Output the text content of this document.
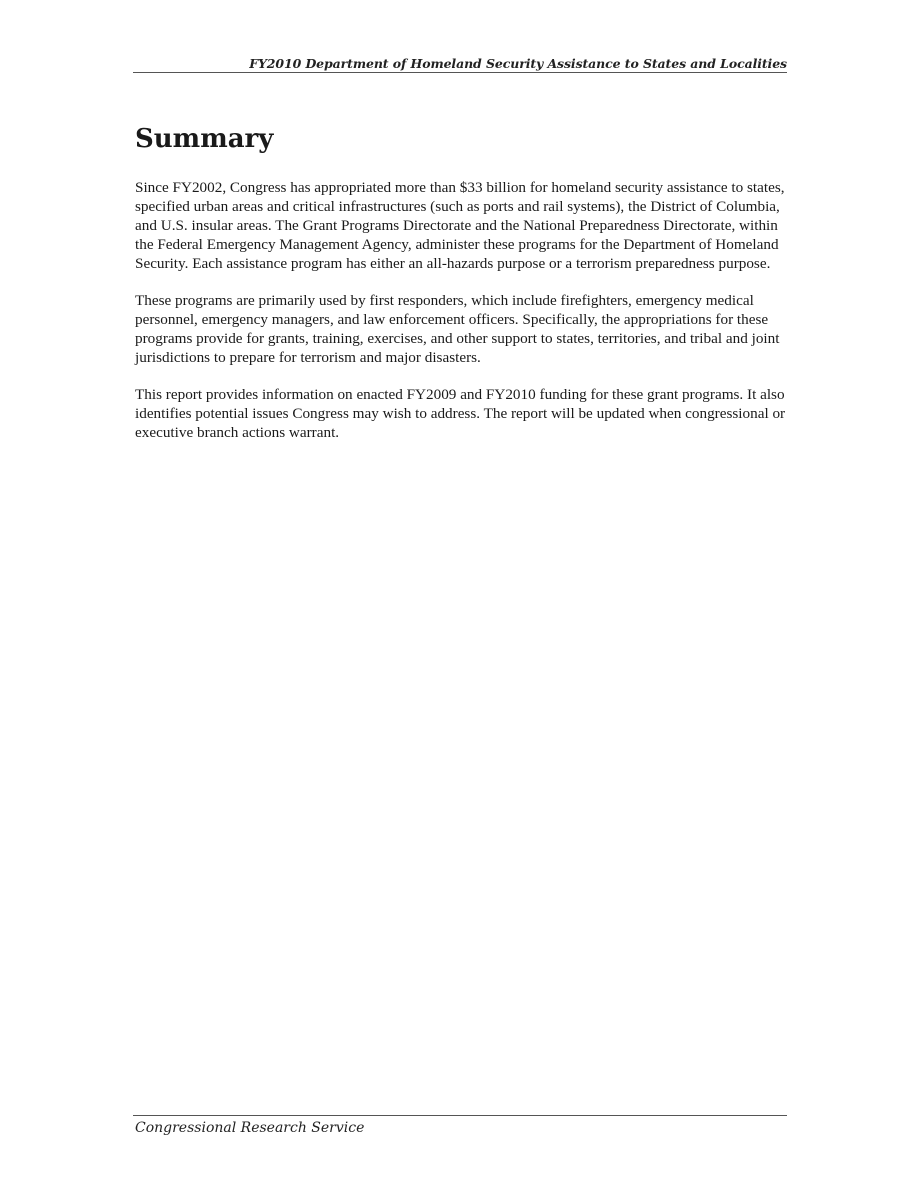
FY2010 Department of Homeland Security Assistance to States and Localities
Summary

Since FY2002, Congress has appropriated more than $33 billion for homeland security assistance to states, specified urban areas and critical infrastructures (such as ports and rail systems), the District of Columbia, and U.S. insular areas. The Grant Programs Directorate and the National Preparedness Directorate, within the Federal Emergency Management Agency, administer these programs for the Department of Homeland Security. Each assistance program has either an all-hazards purpose or a terrorism preparedness purpose.

These programs are primarily used by first responders, which include firefighters, emergency medical personnel, emergency managers, and law enforcement officers. Specifically, the appropriations for these programs provide for grants, training, exercises, and other support to states, territories, and tribal and joint jurisdictions to prepare for terrorism and major disasters.

This report provides information on enacted FY2009 and FY2010 funding for these grant programs. It also identifies potential issues Congress may wish to address. The report will be updated when congressional or executive branch actions warrant.

Congressional Research Service
